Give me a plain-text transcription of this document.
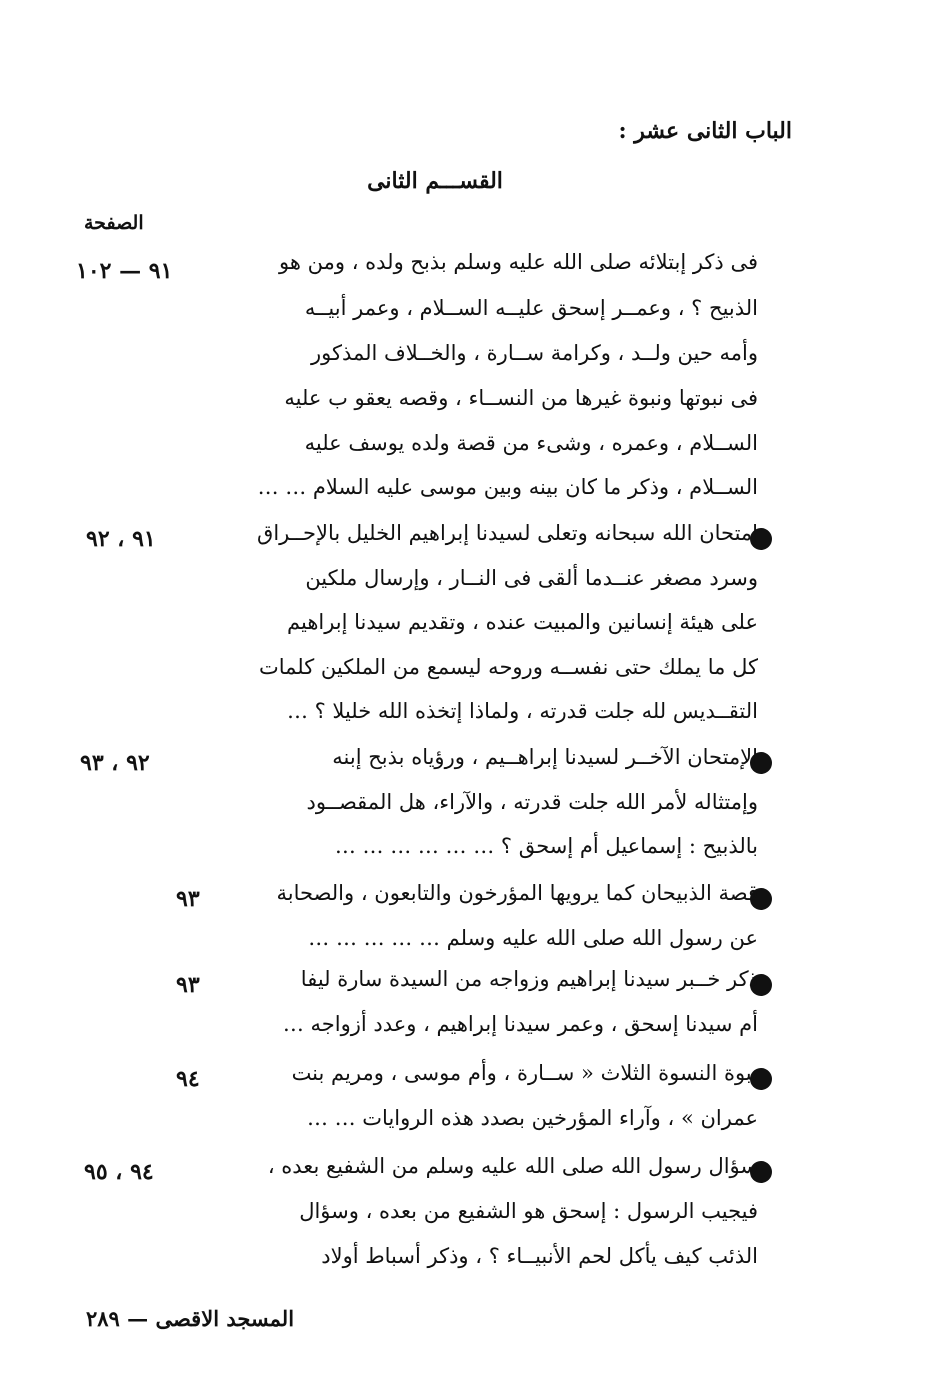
الباب الثانى عشر :
القســـم الثانى
الصفحة
فى ذكر إبتلائه صلى الله عليه وسلم بذبح ولده ، ومن هو
الذبيح ؟ ، وعمــر إسحق عليــه الســلام ، وعمر أبيــه
وأمه حين ولــد ، وكرامة ســارة ، والخــلاف المذكور
فى نبوتها ونبوة غيرها من النســاء ، وقصه يعقو ب عليه
الســلام ، وعمره ، وشىء من قصة ولده يوسف عليه
الســلام ، وذكر ما كان بينه وبين موسى عليه السلام … …
٩١ — ١٠٢
إمتحان الله سبحانه وتعلى لسيدنا إبراهيم الخليل بالإحــراق
وسرد مصغر عنــدما ألقى فى النــار ، وإرسال ملكين
على هيئة إنسانين والمبيت عنده ، وتقديم سيدنا إبراهيم
كل ما يملك حتى نفســه وروحه ليسمع من الملكين كلمات
التقــديس لله جلت قدرته ، ولماذا إتخذه الله خليلا ؟ …
٩١ ، ٩٢
الإمتحان الآخــر لسيدنا إبراهــيم ، ورؤياه بذبح إبنه
وإمتثاله لأمر الله جلت قدرته ، والآراء، هل المقصــود
بالذبيح : إسماعيل أم إسحق ؟ … … … … … …
٩٢ ، ٩٣
قصة الذبيحان كما يرويها المؤرخون والتابعون ، والصحابة
عن رسول الله صلى الله عليه وسلم … … … … …
٩٣
ذكر خــبر سيدنا إبراهيم وزواجه من السيدة سارة ليفا
أم سيدنا إسحق ، وعمر سيدنا إبراهيم ، وعدد أزواجه …
٩٣
نبوة النسوة الثلاث « ســارة ، وأم موسى ، ومريم بنت
عمران » ، وآراء المؤرخين بصدد هذه الروايات … …
٩٤
سؤال رسول الله صلى الله عليه وسلم من الشفيع بعده ،
فيجيب الرسول : إسحق هو الشفيع من بعده ، وسؤال
الذئب كيف يأكل لحم الأنبيــاء ؟ ، وذكر أسباط أولاد
٩٤ ، ٩٥
المسجد الاقصى — ٢٨٩
